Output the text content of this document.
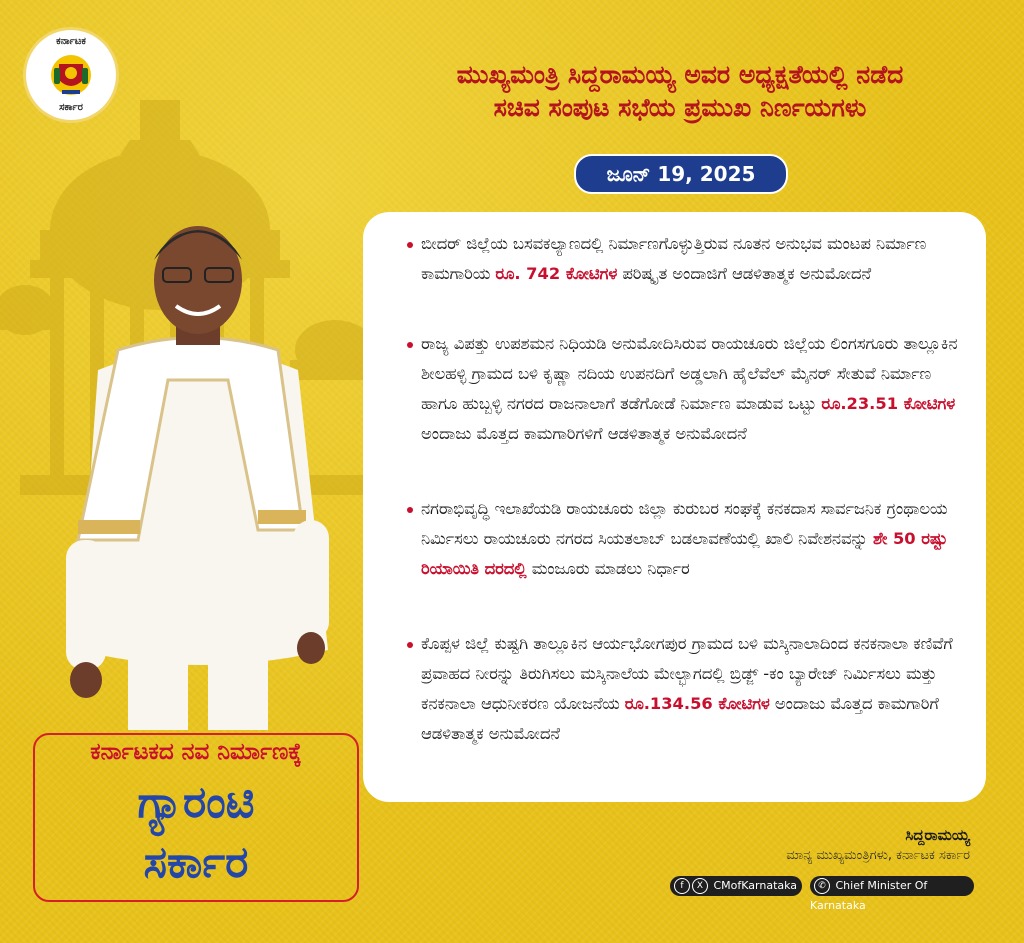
ಕರ್ನಾಟಕ
ಸರ್ಕಾರ
ಮುಖ್ಯಮಂತ್ರಿ ಸಿದ್ದರಾಮಯ್ಯ ಅವರ ಅಧ್ಯಕ್ಷತೆಯಲ್ಲಿ ನಡೆದ
ಸಚಿವ ಸಂಪುಟ ಸಭೆಯ ಪ್ರಮುಖ ನಿರ್ಣಯಗಳು
ಜೂನ್ 19, 2025
ಬೀದರ್ ಜಿಲ್ಲೆಯ ಬಸವಕಲ್ಯಾಣದಲ್ಲಿ ನಿರ್ಮಾಣಗೊಳ್ಳುತ್ತಿರುವ ನೂತನ ಅನುಭವ ಮಂಟಪ ನಿರ್ಮಾಣ ಕಾಮಗಾರಿಯ ರೂ. 742 ಕೋಟಿಗಳ ಪರಿಷ್ಕೃತ ಅಂದಾಜಿಗೆ ಆಡಳಿತಾತ್ಮಕ ಅನುಮೋದನೆ
ರಾಜ್ಯ ವಿಪತ್ತು ಉಪಶಮನ ನಿಧಿಯಡಿ ಅನುಮೋದಿಸಿರುವ ರಾಯಚೂರು ಜಿಲ್ಲೆಯ ಲಿಂಗಸಗೂರು ತಾಲ್ಲೂಕಿನ ಶೀಲಹಳ್ಳಿ ಗ್ರಾಮದ ಬಳಿ ಕೃಷ್ಣಾ ನದಿಯ ಉಪನದಿಗೆ ಅಡ್ಡಲಾಗಿ ಹೈಲೆವೆಲ್ ಮೈನರ್ ಸೇತುವೆ ನಿರ್ಮಾಣ ಹಾಗೂ ಹುಬ್ಬಳ್ಳಿ ನಗರದ ರಾಜನಾಲಾಗೆ ತಡೆಗೋಡೆ ನಿರ್ಮಾಣ ಮಾಡುವ ಒಟ್ಟು ರೂ.23.51 ಕೋಟಿಗಳ ಅಂದಾಜು ಮೊತ್ತದ ಕಾಮಗಾರಿಗಳಿಗೆ ಆಡಳಿತಾತ್ಮಕ ಅನುಮೋದನೆ
ನಗರಾಭಿವೃದ್ಧಿ ಇಲಾಖೆಯಡಿ ರಾಯಚೂರು ಜಿಲ್ಲಾ ಕುರುಬರ ಸಂಘಕ್ಕೆ ಕನಕದಾಸ ಸಾರ್ವಜನಿಕ ಗ್ರಂಥಾಲಯ ನಿರ್ಮಿಸಲು ರಾಯಚೂರು ನಗರದ ಸಿಯತಲಾಬ್ ಬಡಲಾವಣೆಯಲ್ಲಿ ಖಾಲಿ ನಿವೇಶನವನ್ನು ಶೇ 50 ರಷ್ಟು ರಿಯಾಯಿತಿ ದರದಲ್ಲಿ ಮಂಜೂರು ಮಾಡಲು ನಿರ್ಧಾರ
ಕೊಪ್ಪಳ ಜಿಲ್ಲೆ ಕುಷ್ಟಗಿ ತಾಲ್ಲೂಕಿನ ಆರ್ಯಭೋಗಪುರ ಗ್ರಾಮದ ಬಳಿ ಮಸ್ಕಿನಾಲಾದಿಂದ ಕನಕನಾಲಾ ಕಣಿವೆಗೆ ಪ್ರವಾಹದ ನೀರನ್ನು ತಿರುಗಿಸಲು ಮಸ್ಕಿನಾಲೆಯ ಮೇಲ್ಭಾಗದಲ್ಲಿ ಬ್ರಿಡ್ಜ್ -ಕಂ ಬ್ಯಾರೇಜ್ ನಿರ್ಮಿಸಲು ಮತ್ತು ಕನಕನಾಲಾ ಆಧುನೀಕರಣ ಯೋಜನೆಯ ರೂ.134.56 ಕೋಟಿಗಳ ಅಂದಾಜು ಮೊತ್ತದ ಕಾಮಗಾರಿಗೆ ಆಡಳಿತಾತ್ಮಕ ಅನುಮೋದನೆ
ಕರ್ನಾಟಕದ ನವ ನಿರ್ಮಾಣಕ್ಕೆ
ಗ್ಯಾರಂಟಿ
ಸರ್ಕಾರ
ಸಿದ್ದರಾಮಯ್ಯ
ಮಾನ್ಯ ಮುಖ್ಯಮಂತ್ರಿಗಳು, ಕರ್ನಾಟಕ ಸರ್ಕಾರ
f X CMofKarnataka	✆ Chief Minister Of Karnataka
